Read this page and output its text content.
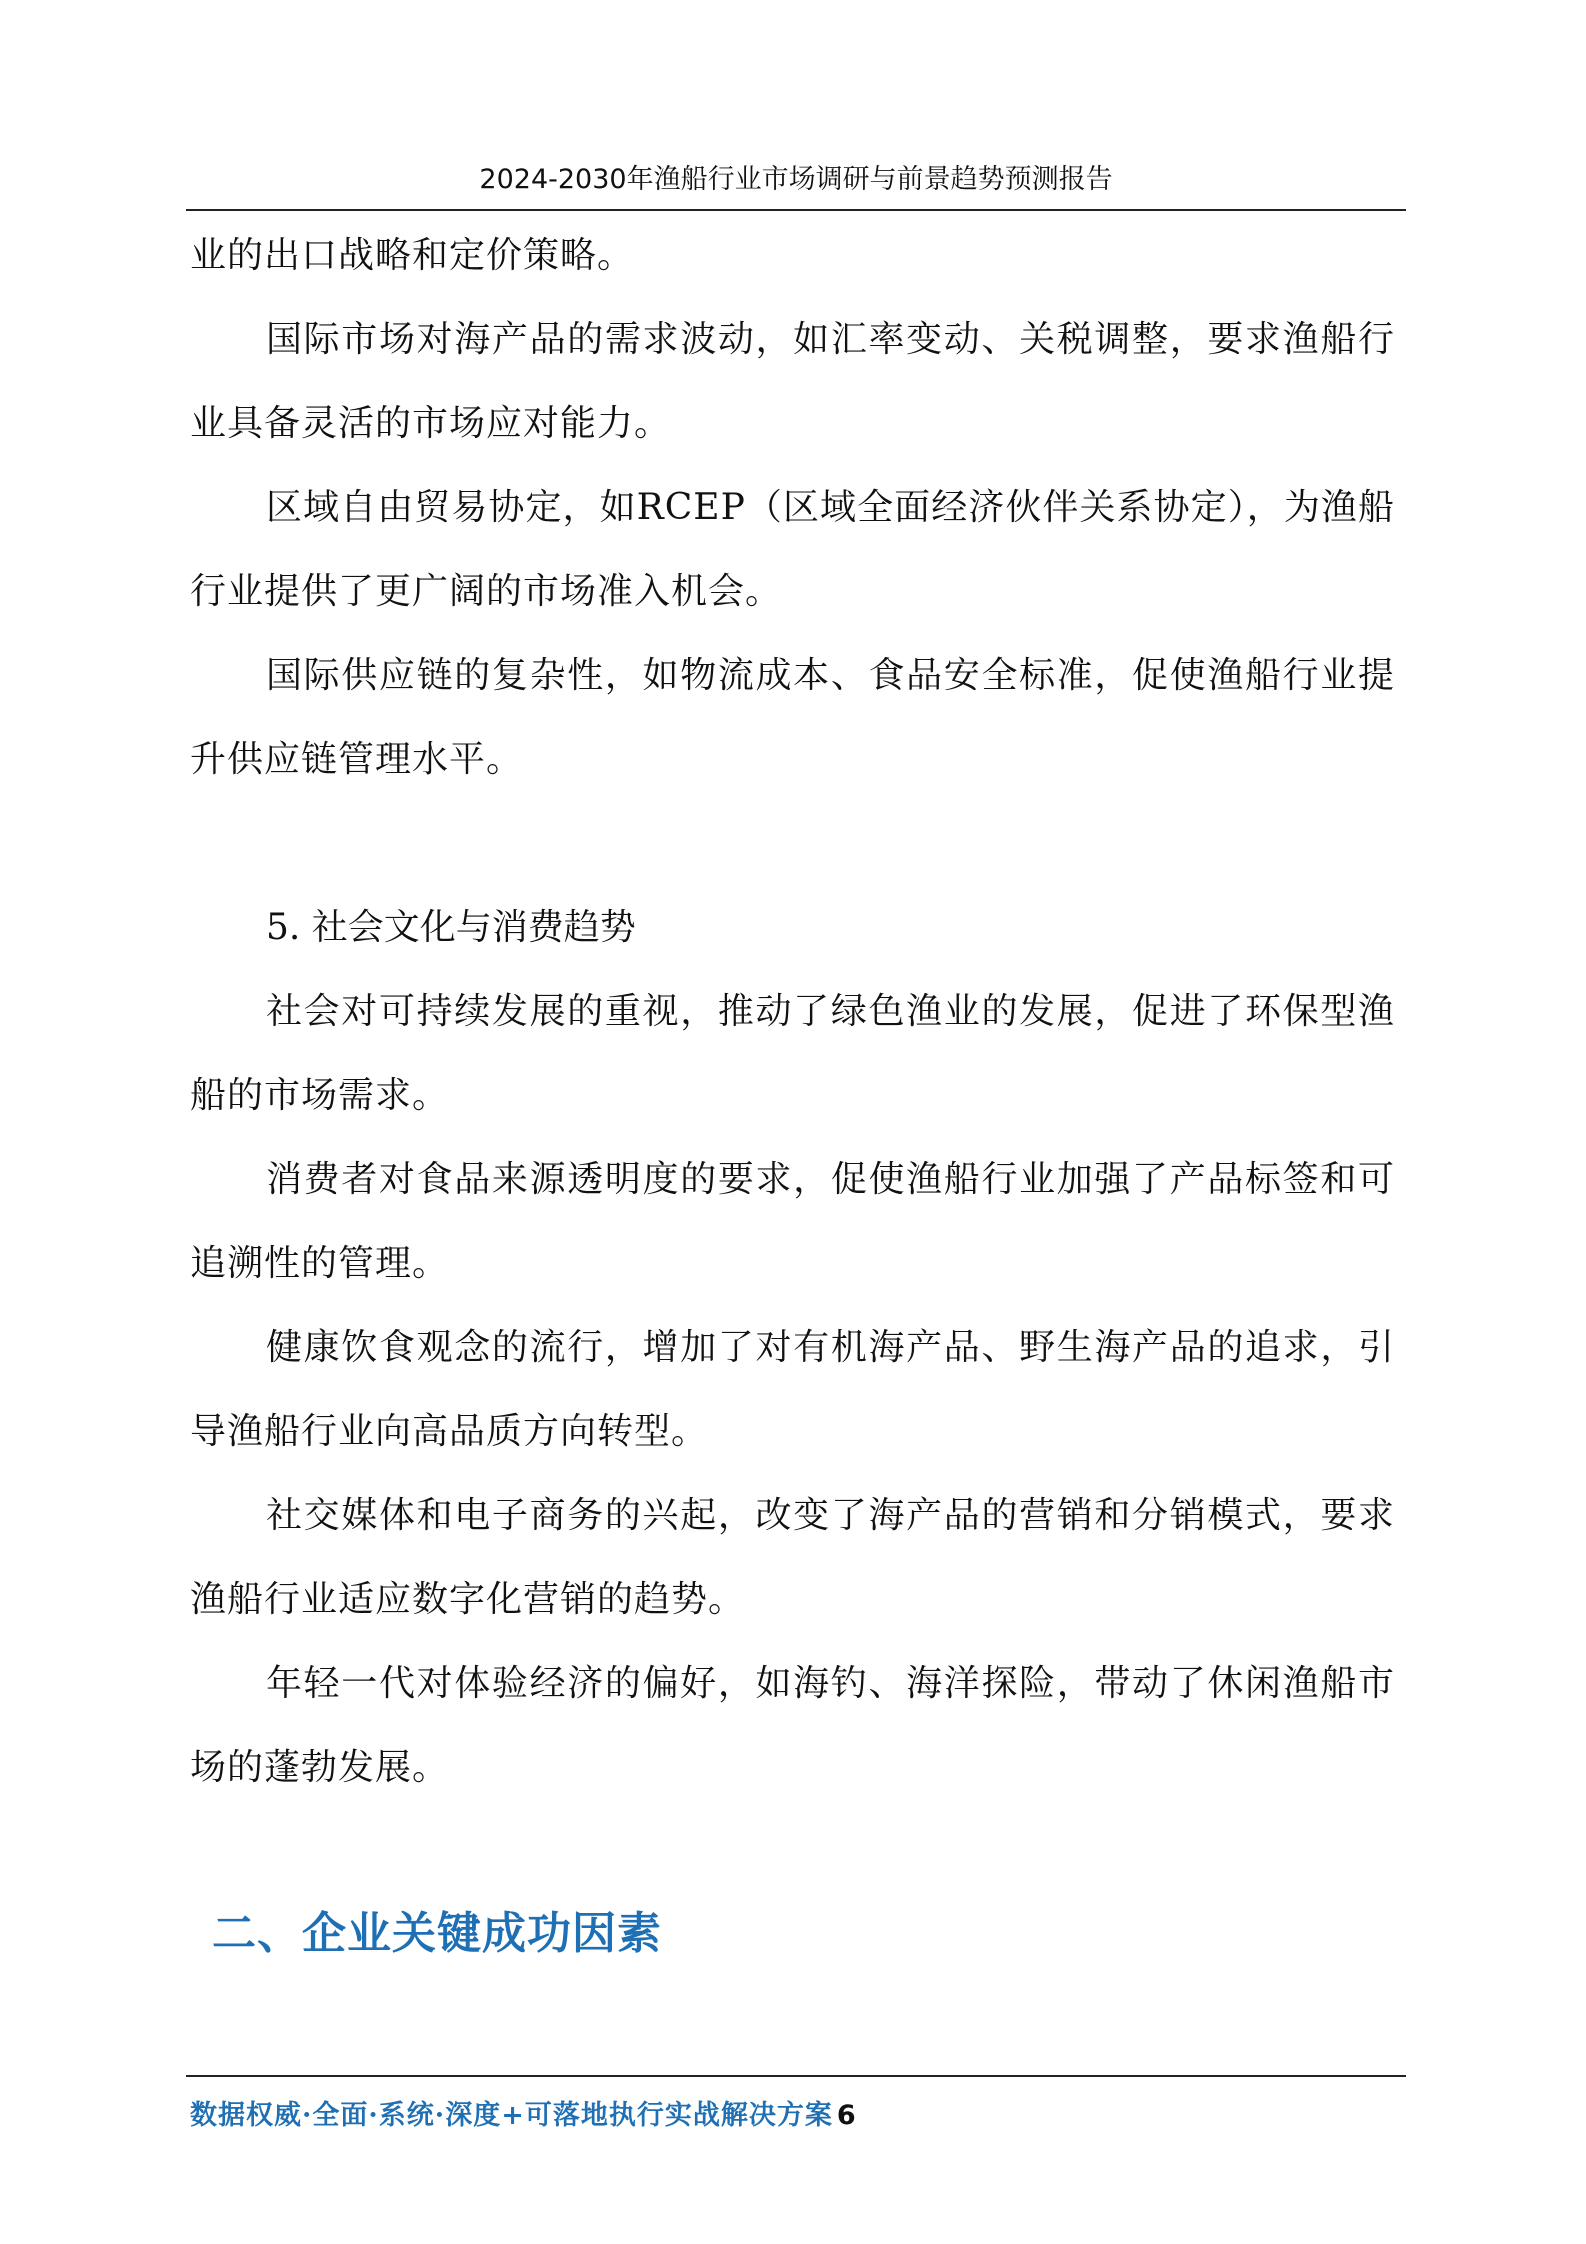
2024-2030年渔船行业市场调研与前景趋势预测报告

业的出口战略和定价策略。

国际市场对海产品的需求波动，如汇率变动、关税调整，要求渔船行业具备灵活的市场应对能力。

区域自由贸易协定，如RCEP（区域全面经济伙伴关系协定），为渔船行业提供了更广阔的市场准入机会。

国际供应链的复杂性，如物流成本、食品安全标准，促使渔船行业提升供应链管理水平。

5. 社会文化与消费趋势

社会对可持续发展的重视，推动了绿色渔业的发展，促进了环保型渔船的市场需求。

消费者对食品来源透明度的要求，促使渔船行业加强了产品标签和可追溯性的管理。

健康饮食观念的流行，增加了对有机海产品、野生海产品的追求，引导渔船行业向高品质方向转型。

社交媒体和电子商务的兴起，改变了海产品的营销和分销模式，要求渔船行业适应数字化营销的趋势。

年轻一代对体验经济的偏好，如海钓、海洋探险，带动了休闲渔船市场的蓬勃发展。

二、企业关键成功因素
数据权威·全面·系统·深度+可落地执行实战解决方案 6
